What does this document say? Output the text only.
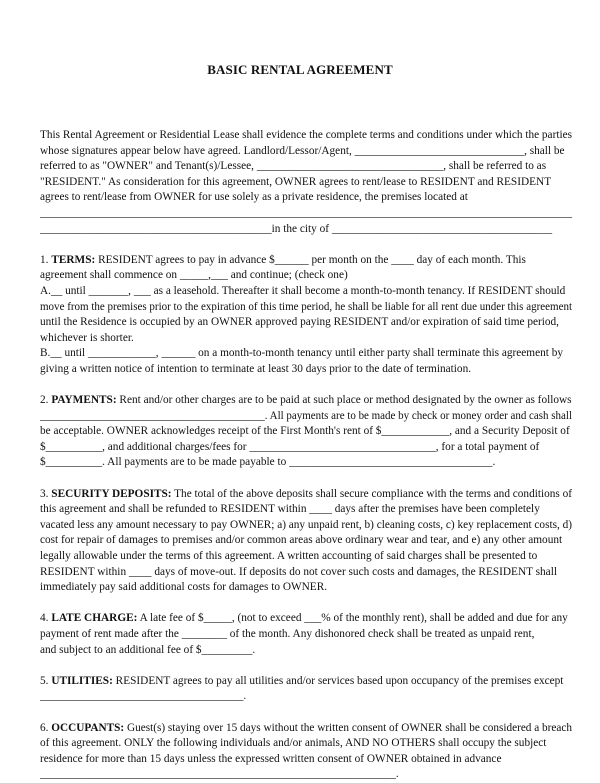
BASIC RENTAL AGREEMENT
This Rental Agreement or Residential Lease shall evidence the complete terms and conditions under which the parties
whose signatures appear below have agreed. Landlord/Lessor/Agent, ______________________________, shall be
referred to as "OWNER" and Tenant(s)/Lessee, _________________________________, shall be referred to as
"RESIDENT." As consideration for this agreement, OWNER agrees to rent/lease to RESIDENT and RESIDENT
agrees to rent/lease from OWNER for use solely as a private residence, the premises located at
_______________________________________________________________________________________________
_________________________________________in the city of _______________________________________
1. TERMS: RESIDENT agrees to pay in advance $______ per month on the ____ day of each month. This
agreement shall commence on _____,___ and continue; (check one)
A.__ until _______, ___ as a leasehold. Thereafter it shall become a month-to-month tenancy. If RESIDENT should
move from the premises prior to the expiration of this time period, he shall be liable for all rent due under this agreement
until the Residence is occupied by an OWNER approved paying RESIDENT and/or expiration of said time period,
whichever is shorter.
B.__ until ____________, ______ on a month-to-month tenancy until either party shall terminate this agreement by
giving a written notice of intention to terminate at least 30 days prior to the date of termination.
2. PAYMENTS: Rent and/or other charges are to be paid at such place or method designated by the owner as follows
_________________________________________. All payments are to be made by check or money order and cash shall
be acceptable. OWNER acknowledges receipt of the First Month's rent of $____________, and a Security Deposit of
$__________, and additional charges/fees for _________________________________, for a total payment of
$__________. All payments are to be made payable to ____________________________________.
3. SECURITY DEPOSITS: The total of the above deposits shall secure compliance with the terms and conditions of
this agreement and shall be refunded to RESIDENT within ____ days after the premises have been completely
vacated less any amount necessary to pay OWNER; a) any unpaid rent, b) cleaning costs, c) key replacement costs, d)
cost for repair of damages to premises and/or common areas above ordinary wear and tear, and e) any other amount
legally allowable under the terms of this agreement. A written accounting of said charges shall be presented to
RESIDENT within ____ days of move-out. If deposits do not cover such costs and damages, the RESIDENT shall
immediately pay said additional costs for damages to OWNER.
4. LATE CHARGE: A late fee of $_____, (not to exceed ___% of the monthly rent), shall be added and due for any
payment of rent made after the ________ of the month. Any dishonored check shall be treated as unpaid rent,
and subject to an additional fee of $_________.
5. UTILITIES: RESIDENT agrees to pay all utilities and/or services based upon occupancy of the premises except
____________________________________.
6. OCCUPANTS: Guest(s) staying over 15 days without the written consent of OWNER shall be considered a breach
of this agreement. ONLY the following individuals and/or animals, AND NO OTHERS shall occupy the subject
residence for more than 15 days unless the expressed written consent of OWNER obtained in advance
_______________________________________________________________.
